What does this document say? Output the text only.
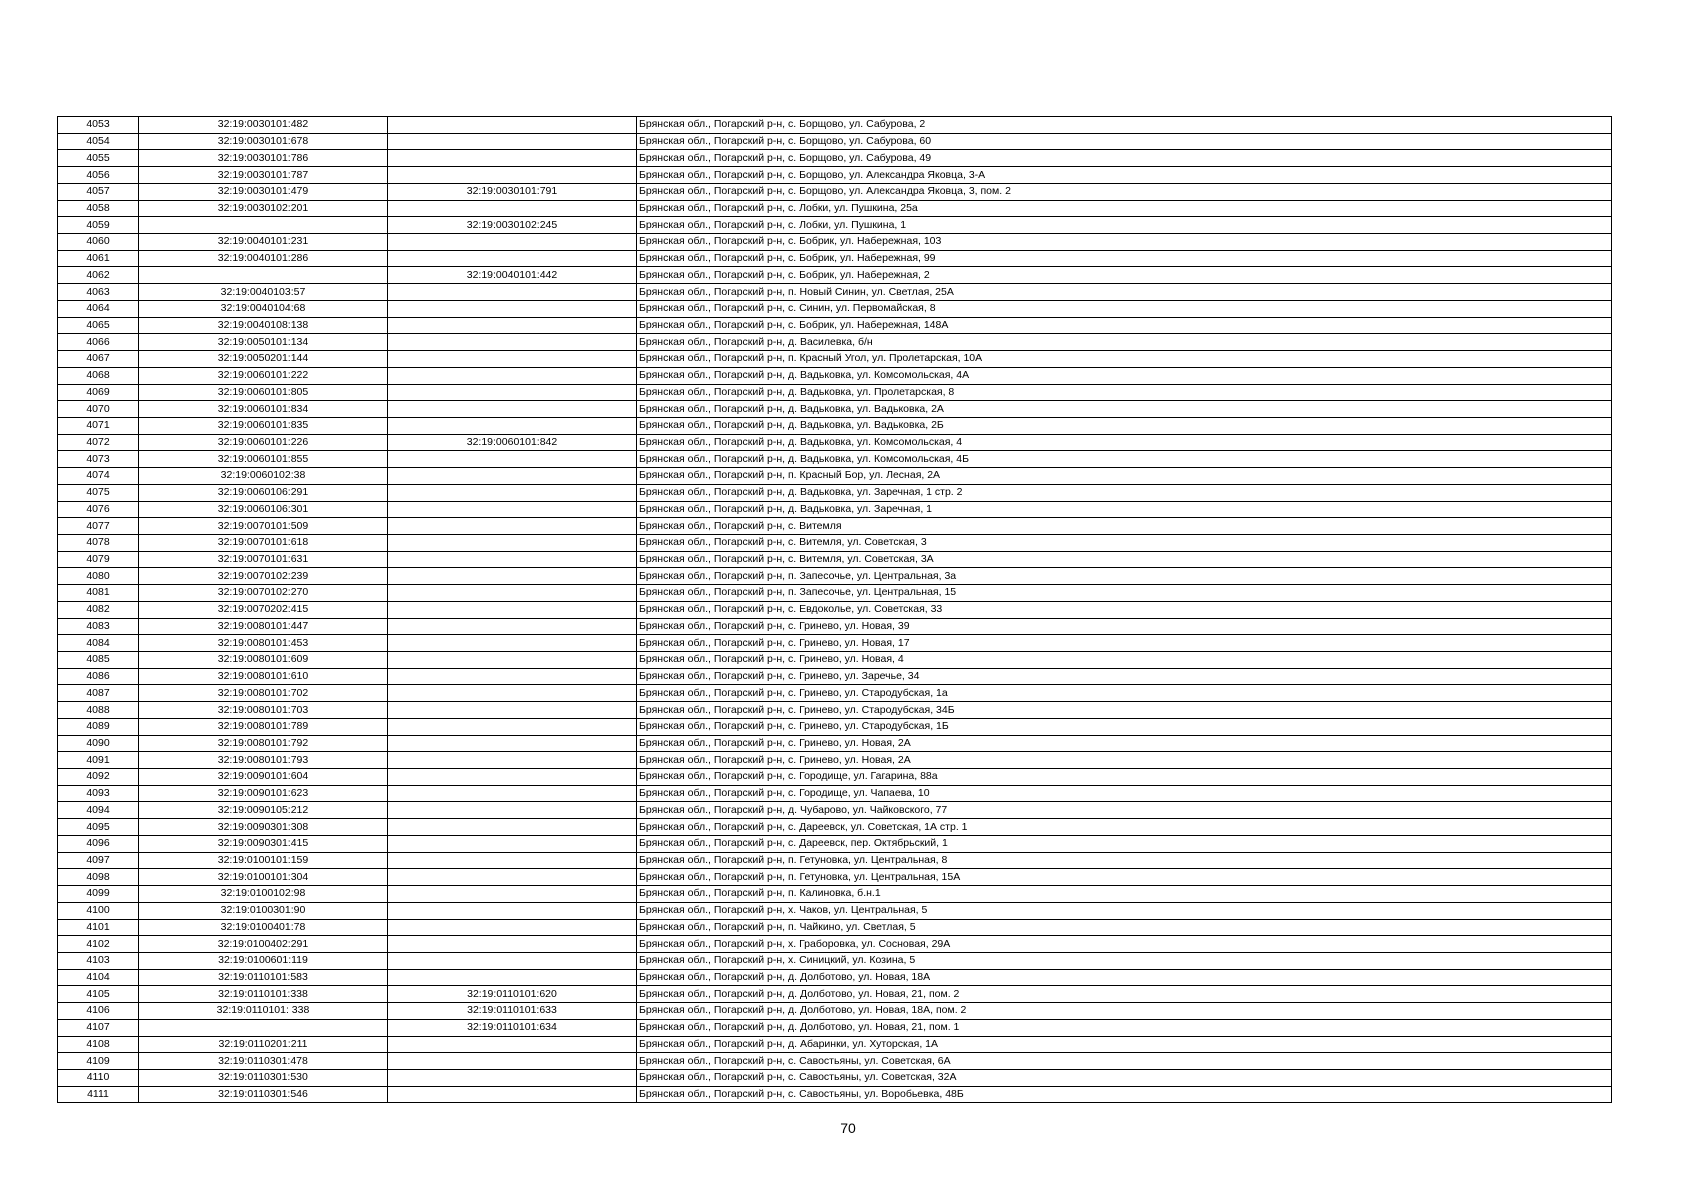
4053	32:19:0030101:482		Брянская обл., Погарский р-н, с. Борщово, ул. Сабурова, 2
4054	32:19:0030101:678		Брянская обл., Погарский р-н, с. Борщово, ул. Сабурова, 60
4055	32:19:0030101:786		Брянская обл., Погарский р-н, с. Борщово, ул. Сабурова, 49
4056	32:19:0030101:787		Брянская обл., Погарский р-н, с. Борщово, ул. Александра Яковца, 3-А
4057	32:19:0030101:479	32:19:0030101:791	Брянская обл., Погарский р-н, с. Борщово, ул. Александра Яковца, 3, пом. 2
4058	32:19:0030102:201		Брянская обл., Погарский р-н, с. Лобки, ул. Пушкина, 25а
4059		32:19:0030102:245	Брянская обл., Погарский р-н, с. Лобки, ул. Пушкина, 1
4060	32:19:0040101:231		Брянская обл., Погарский р-н, с. Бобрик, ул. Набережная, 103
4061	32:19:0040101:286		Брянская обл., Погарский р-н, с. Бобрик, ул. Набережная, 99
4062		32:19:0040101:442	Брянская обл., Погарский р-н, с. Бобрик, ул. Набережная, 2
4063	32:19:0040103:57		Брянская обл., Погарский р-н, п. Новый Синин, ул. Светлая, 25А
4064	32:19:0040104:68		Брянская обл., Погарский р-н, с. Синин, ул. Первомайская, 8
4065	32:19:0040108:138		Брянская обл., Погарский р-н, с. Бобрик, ул. Набережная, 148А
4066	32:19:0050101:134		Брянская обл., Погарский р-н, д. Василевка, б/н
4067	32:19:0050201:144		Брянская обл., Погарский р-н, п. Красный Угол, ул. Пролетарская, 10А
4068	32:19:0060101:222		Брянская обл., Погарский р-н, д. Вадьковка, ул. Комсомольская, 4А
4069	32:19:0060101:805		Брянская обл., Погарский р-н, д. Вадьковка, ул. Пролетарская, 8
4070	32:19:0060101:834		Брянская обл., Погарский р-н, д. Вадьковка, ул. Вадьковка, 2А
4071	32:19:0060101:835		Брянская обл., Погарский р-н, д. Вадьковка, ул. Вадьковка, 2Б
4072	32:19:0060101:226	32:19:0060101:842	Брянская обл., Погарский р-н, д. Вадьковка, ул. Комсомольская, 4
4073	32:19:0060101:855		Брянская обл., Погарский р-н, д. Вадьковка, ул. Комсомольская, 4Б
4074	32:19:0060102:38		Брянская обл., Погарский р-н, п. Красный Бор, ул. Лесная, 2А
4075	32:19:0060106:291		Брянская обл., Погарский р-н, д. Вадьковка, ул. Заречная, 1 стр. 2
4076	32:19:0060106:301		Брянская обл., Погарский р-н, д. Вадьковка, ул. Заречная, 1
4077	32:19:0070101:509		Брянская обл., Погарский р-н, с. Витемля
4078	32:19:0070101:618		Брянская обл., Погарский р-н, с. Витемля, ул. Советская, 3
4079	32:19:0070101:631		Брянская обл., Погарский р-н, с. Витемля, ул. Советская, 3А
4080	32:19:0070102:239		Брянская обл., Погарский р-н, п. Запесочье, ул. Центральная, 3а
4081	32:19:0070102:270		Брянская обл., Погарский р-н, п. Запесочье, ул. Центральная, 15
4082	32:19:0070202:415		Брянская обл., Погарский р-н, с. Евдоколье, ул. Советская, 33
4083	32:19:0080101:447		Брянская обл., Погарский р-н, с. Гринево, ул. Новая, 39
4084	32:19:0080101:453		Брянская обл., Погарский р-н, с. Гринево, ул. Новая, 17
4085	32:19:0080101:609		Брянская обл., Погарский р-н, с. Гринево, ул. Новая, 4
4086	32:19:0080101:610		Брянская обл., Погарский р-н, с. Гринево, ул. Заречье, 34
4087	32:19:0080101:702		Брянская обл., Погарский р-н, с. Гринево, ул. Стародубская, 1а
4088	32:19:0080101:703		Брянская обл., Погарский р-н, с. Гринево, ул. Стародубская, 34Б
4089	32:19:0080101:789		Брянская обл., Погарский р-н, с. Гринево, ул. Стародубская, 1Б
4090	32:19:0080101:792		Брянская обл., Погарский р-н, с. Гринево, ул. Новая, 2А
4091	32:19:0080101:793		Брянская обл., Погарский р-н, с. Гринево, ул. Новая, 2А
4092	32:19:0090101:604		Брянская обл., Погарский р-н, с. Городище, ул. Гагарина, 88а
4093	32:19:0090101:623		Брянская обл., Погарский р-н, с. Городище, ул. Чапаева, 10
4094	32:19:0090105:212		Брянская обл., Погарский р-н, д. Чубарово, ул. Чайковского, 77
4095	32:19:0090301:308		Брянская обл., Погарский р-н, с. Дареевск, ул. Советская, 1А стр. 1
4096	32:19:0090301:415		Брянская обл., Погарский р-н, с. Дареевск, пер. Октябрьский, 1
4097	32:19:0100101:159		Брянская обл., Погарский р-н, п. Гетуновка, ул. Центральная, 8
4098	32:19:0100101:304		Брянская обл., Погарский р-н, п. Гетуновка, ул. Центральная, 15А
4099	32:19:0100102:98		Брянская обл., Погарский р-н, п. Калиновка, б.н.1
4100	32:19:0100301:90		Брянская обл., Погарский р-н, х. Чаков, ул. Центральная, 5
4101	32:19:0100401:78		Брянская обл., Погарский р-н, п. Чайкино, ул. Светлая, 5
4102	32:19:0100402:291		Брянская обл., Погарский р-н, х. Граборовка, ул. Сосновая, 29А
4103	32:19:0100601:119		Брянская обл., Погарский р-н, х. Синицкий, ул. Козина, 5
4104	32:19:0110101:583		Брянская обл., Погарский р-н, д. Долботово, ул. Новая, 18А
4105	32:19:0110101:338	32:19:0110101:620	Брянская обл., Погарский р-н, д. Долботово, ул. Новая, 21, пом. 2
4106	32:19:0110101: 338	32:19:0110101:633	Брянская обл., Погарский р-н, д. Долботово, ул. Новая, 18А, пом. 2
4107		32:19:0110101:634	Брянская обл., Погарский р-н, д. Долботово, ул. Новая, 21, пом. 1
4108	32:19:0110201:211		Брянская обл., Погарский р-н, д. Абаринки, ул. Хуторская, 1А
4109	32:19:0110301:478		Брянская обл., Погарский р-н, с. Савостьяны, ул. Советская, 6А
4110	32:19:0110301:530		Брянская обл., Погарский р-н, с. Савостьяны, ул. Советская, 32А
4111	32:19:0110301:546		Брянская обл., Погарский р-н, с. Савостьяны, ул. Воробьевка, 48Б
70
